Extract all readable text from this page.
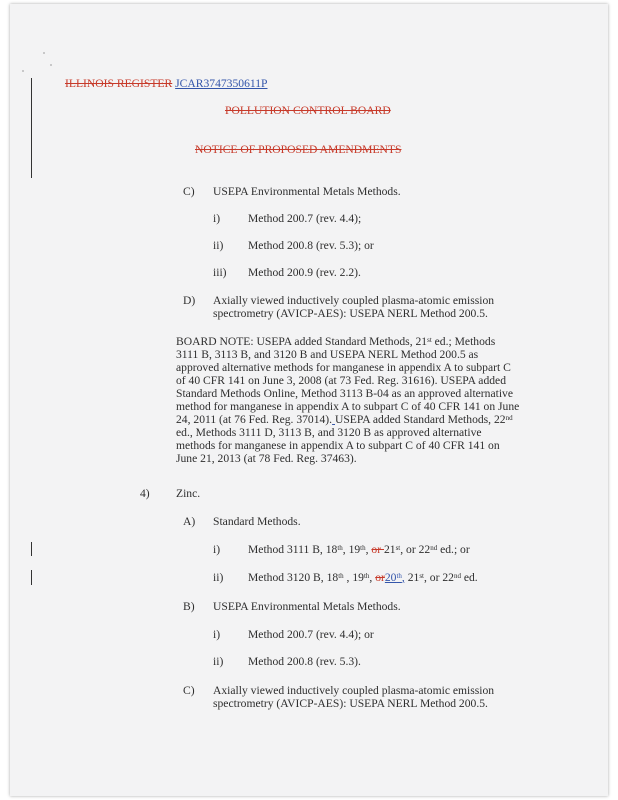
ILLINOIS REGISTER JCAR3747350611P
POLLUTION CONTROL BOARD
NOTICE OF PROPOSED AMENDMENTS
C) USEPA Environmental Metals Methods.
i) Method 200.7 (rev. 4.4);
ii) Method 200.8 (rev. 5.3); or
iii) Method 200.9 (rev. 2.2).
D) Axially viewed inductively coupled plasma-atomic emission
spectrometry (AVICP-AES): USEPA NERL Method 200.5.
BOARD NOTE: USEPA added Standard Methods, 21st ed.; Methods
3111 B, 3113 B, and 3120 B and USEPA NERL Method 200.5 as
approved alternative methods for manganese in appendix A to subpart C
of 40 CFR 141 on June 3, 2008 (at 73 Fed. Reg. 31616). USEPA added
Standard Methods Online, Method 3113 B-04 as an approved alternative
method for manganese in appendix A to subpart C of 40 CFR 141 on June
24, 2011 (at 76 Fed. Reg. 37014). USEPA added Standard Methods, 22nd
ed., Methods 3111 D, 3113 B, and 3120 B as approved alternative
methods for manganese in appendix A to subpart C of 40 CFR 141 on
June 21, 2013 (at 78 Fed. Reg. 37463).
4) Zinc.
A) Standard Methods.
i) Method 3111 B, 18th, 19th, or 21st, or 22nd ed.; or
ii) Method 3120 B, 18th , 19th, or20th, 21st, or 22nd ed.
B) USEPA Environmental Metals Methods.
i) Method 200.7 (rev. 4.4); or
ii) Method 200.8 (rev. 5.3).
C) Axially viewed inductively coupled plasma-atomic emission
spectrometry (AVICP-AES): USEPA NERL Method 200.5.
